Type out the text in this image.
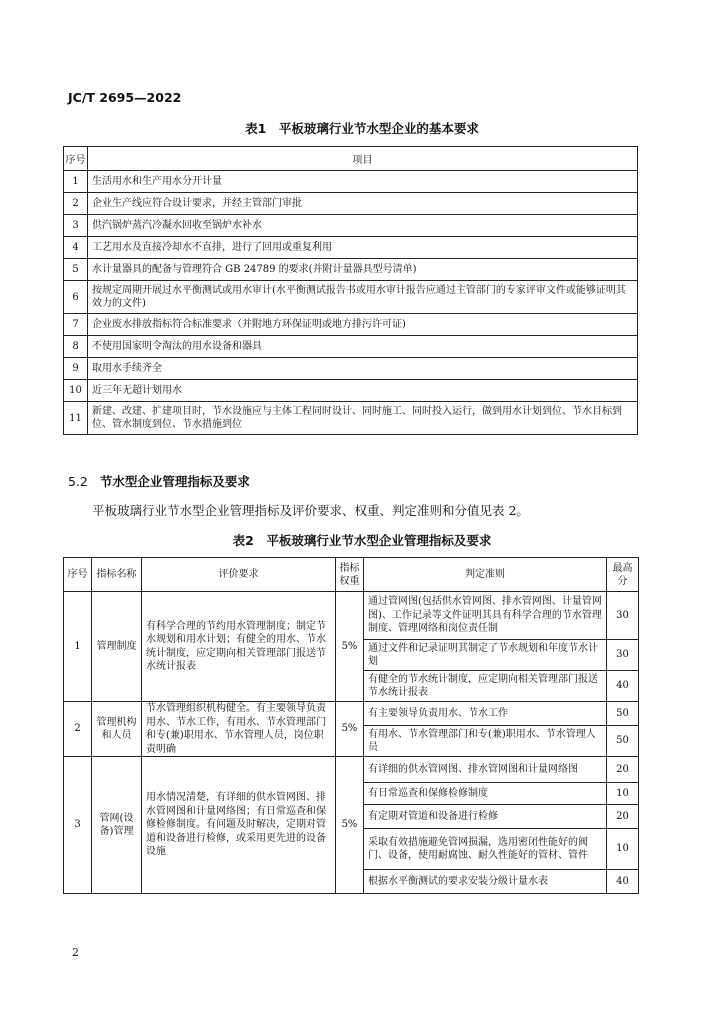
JC/T 2695—2022
表1　平板玻璃行业节水型企业的基本要求
序号	项目
1	生活用水和生产用水分开计量
2	企业生产线应符合设计要求，并经主管部门审批
3	供汽锅炉蒸汽冷凝水回收至锅炉水补水
4	工艺用水及直接冷却水不直排，进行了回用或重复利用
5	水计量器具的配备与管理符合 GB 24789 的要求(并附计量器具型号清单)
6	按规定周期开展过水平衡测试或用水审计(水平衡测试报告书或用水审计报告应通过主管部门的专家评审文件或能够证明其效力的文件)
7	企业废水排放指标符合标准要求（并附地方环保证明或地方排污许可证)
8	不使用国家明令淘汰的用水设备和器具
9	取用水手续齐全
10	近三年无超计划用水
11	新建、改建、扩建项目时，节水设施应与主体工程同时设计、同时施工、同时投入运行，做到用水计划到位、节水目标到位、管水制度到位、节水措施到位
5.2 节水型企业管理指标及要求
平板玻璃行业节水型企业管理指标及评价要求、权重、判定准则和分值见表 2。
表2　平板玻璃行业节水型企业管理指标及要求
序号	指标名称	评价要求	指标权重	判定准则	最高分
1	管理制度	有科学合理的节约用水管理制度；制定节水规划和用水计划；有健全的用水、节水统计制度，应定期向相关管理部门报送节水统计报表	5%	通过管网图(包括供水管网图、排水管网图、计量管网图)、工作记录等文件证明其具有科学合理的节水管理制度、管理网络和岗位责任制	30
				通过文件和记录证明其制定了节水规划和年度节水计划	30
				有健全的节水统计制度，应定期向相关管理部门报送节水统计报表	40
2	管理机构和人员	节水管理组织机构健全。有主要领导负责用水、节水工作，有用水、节水管理部门和专(兼)职用水、节水管理人员，岗位职责明确	5%	有主要领导负责用水、节水工作	50
				有用水、节水管理部门和专(兼)职用水、节水管理人员	50
3	管网(设备)管理	用水情况清楚，有详细的供水管网图、排水管网图和计量网络图；有日常巡查和保修检修制度。有问题及时解决，定期对管道和设备进行检修，或采用更先进的设备设施	5%	有详细的供水管网图、排水管网图和计量网络图	20
				有日常巡查和保修检修制度	10
				有定期对管道和设备进行检修	20
				采取有效措施避免管网损漏，选用密闭性能好的阀门、设备，使用耐腐蚀、耐久性能好的管材、管件	10
				根据水平衡测试的要求安装分级计量水表	40
2
